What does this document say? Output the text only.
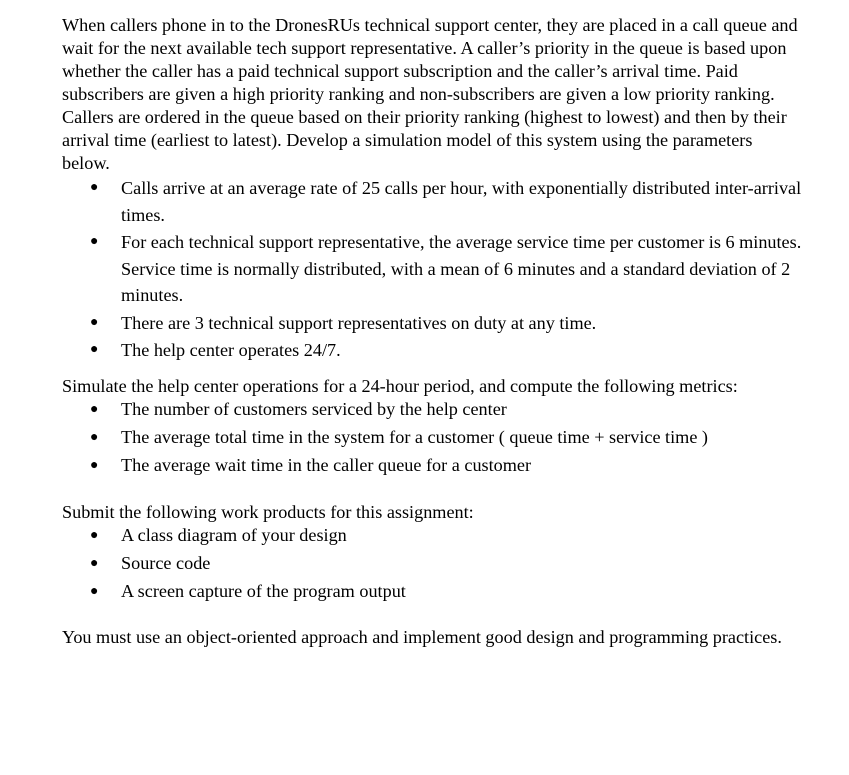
When callers phone in to the DronesRUs technical support center, they are placed in a call queue and wait for the next available tech support representative. A caller’s priority in the queue is based upon whether the caller has a paid technical support subscription and the caller’s arrival time. Paid subscribers are given a high priority ranking and non-subscribers are given a low priority ranking. Callers are ordered in the queue based on their priority ranking (highest to lowest) and then by their arrival time (earliest to latest). Develop a simulation model of this system using the parameters below.

● Calls arrive at an average rate of 25 calls per hour, with exponentially distributed inter-arrival times.
● For each technical support representative, the average service time per customer is 6 minutes. Service time is normally distributed, with a mean of 6 minutes and a standard deviation of 2 minutes.
● There are 3 technical support representatives on duty at any time.
● The help center operates 24/7.

Simulate the help center operations for a 24-hour period, and compute the following metrics:

● The number of customers serviced by the help center
● The average total time in the system for a customer ( queue time + service time )
● The average wait time in the caller queue for a customer

Submit the following work products for this assignment:

● A class diagram of your design
● Source code
● A screen capture of the program output

You must use an object-oriented approach and implement good design and programming practices.
